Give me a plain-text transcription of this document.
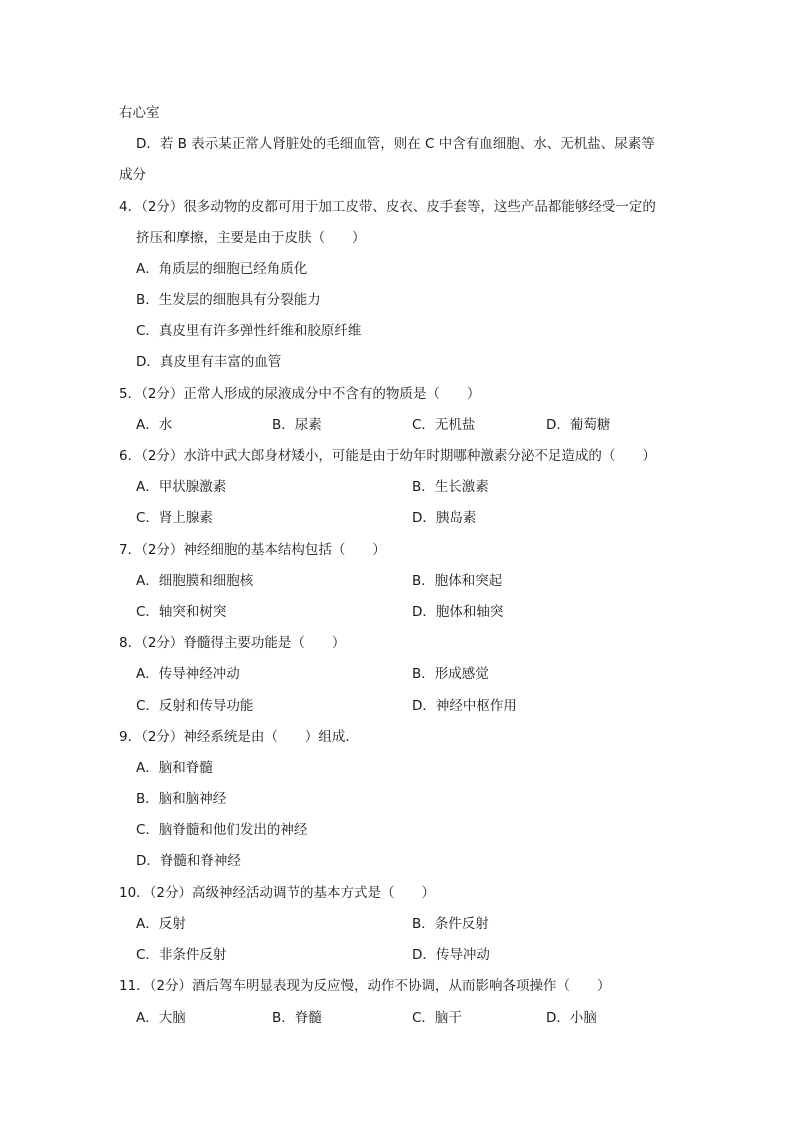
右心室
D．若 B 表示某正常人肾脏处的毛细血管，则在 C 中含有血细胞、水、无机盐、尿素等
成分
4．（2分）很多动物的皮都可用于加工皮带、皮衣、皮手套等，这些产品都能够经受一定的
挤压和摩擦，主要是由于皮肤（　　）
A．角质层的细胞已经角质化
B．生发层的细胞具有分裂能力
C．真皮里有许多弹性纤维和胶原纤维
D．真皮里有丰富的血管
5．（2分）正常人形成的尿液成分中不含有的物质是（　　）
A．水	B．尿素	C．无机盐	D．葡萄糖
6．（2分）水浒中武大郎身材矮小，可能是由于幼年时期哪种激素分泌不足造成的（　　）
A．甲状腺激素	B．生长激素
C．肾上腺素	D．胰岛素
7．（2分）神经细胞的基本结构包括（　　）
A．细胞膜和细胞核	B．胞体和突起
C．轴突和树突	D．胞体和轴突
8．（2分）脊髓得主要功能是（　　）
A．传导神经冲动	B．形成感觉
C．反射和传导功能	D．神经中枢作用
9．（2分）神经系统是由（　　）组成．
A．脑和脊髓
B．脑和脑神经
C．脑脊髓和他们发出的神经
D．脊髓和脊神经
10．（2分）高级神经活动调节的基本方式是（　　）
A．反射	B．条件反射
C．非条件反射	D．传导冲动
11．（2分）酒后驾车明显表现为反应慢，动作不协调，从而影响各项操作（　　）
A．大脑	B．脊髓	C．脑干	D．小脑
